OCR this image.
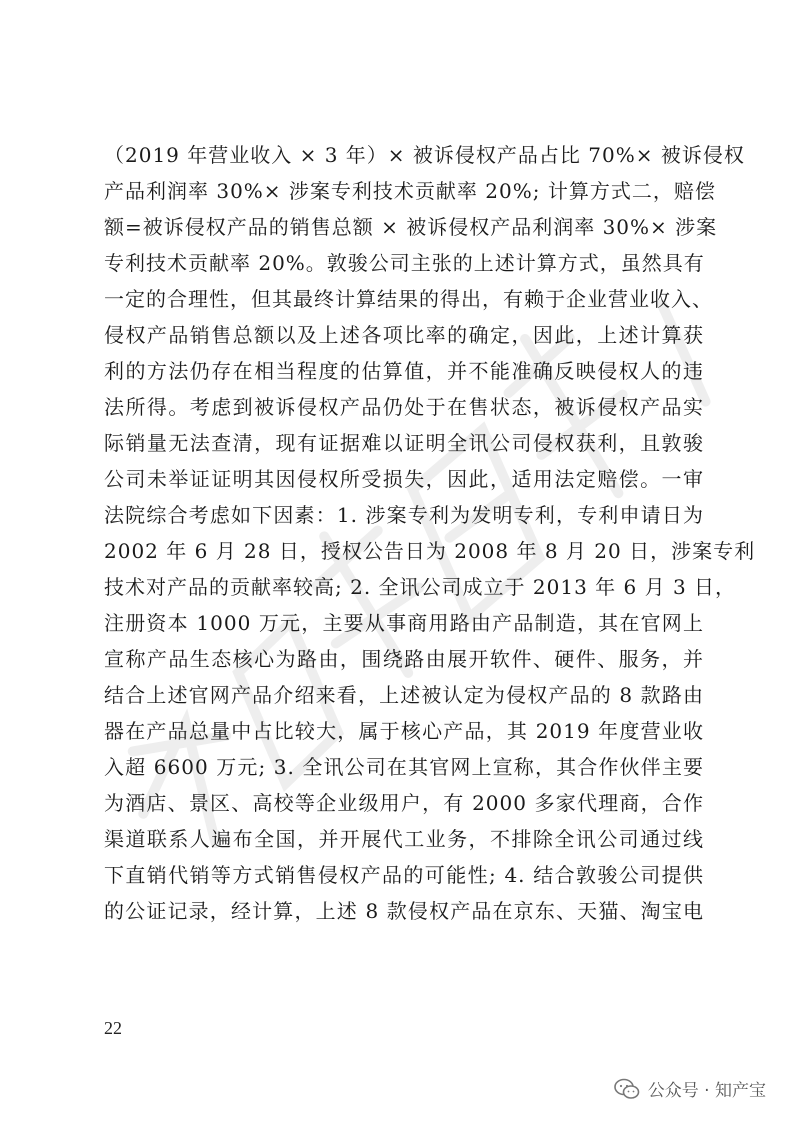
（2019 年营业收入 × 3 年）× 被诉侵权产品占比 70%× 被诉侵权
产品利润率 30%× 涉案专利技术贡献率 20%; 计算方式二，赔偿
额=被诉侵权产品的销售总额 × 被诉侵权产品利润率 30%× 涉案
专利技术贡献率 20%。敦骏公司主张的上述计算方式，虽然具有
一定的合理性，但其最终计算结果的得出，有赖于企业营业收入、
侵权产品销售总额以及上述各项比率的确定，因此，上述计算获
利的方法仍存在相当程度的估算值，并不能准确反映侵权人的违
法所得。考虑到被诉侵权产品仍处于在售状态，被诉侵权产品实
际销量无法查清，现有证据难以证明全讯公司侵权获利，且敦骏
公司未举证证明其因侵权所受损失，因此，适用法定赔偿。一审
法院综合考虑如下因素：1. 涉案专利为发明专利，专利申请日为
2002 年 6 月 28 日，授权公告日为 2008 年 8 月 20 日，涉案专利
技术对产品的贡献率较高; 2. 全讯公司成立于 2013 年 6 月 3 日，
注册资本 1000 万元，主要从事商用路由产品制造，其在官网上
宣称产品生态核心为路由，围绕路由展开软件、硬件、服务，并
结合上述官网产品介绍来看，上述被认定为侵权产品的 8 款路由
器在产品总量中占比较大，属于核心产品，其 2019 年度营业收
入超 6600 万元; 3. 全讯公司在其官网上宣称，其合作伙伴主要
为酒店、景区、高校等企业级用户，有 2000 多家代理商，合作
渠道联系人遍布全国，并开展代工业务，不排除全讯公司通过线
下直销代销等方式销售侵权产品的可能性; 4. 结合敦骏公司提供
的公证记录，经计算，上述 8 款侵权产品在京东、天猫、淘宝电
22
公众号 · 知产宝
